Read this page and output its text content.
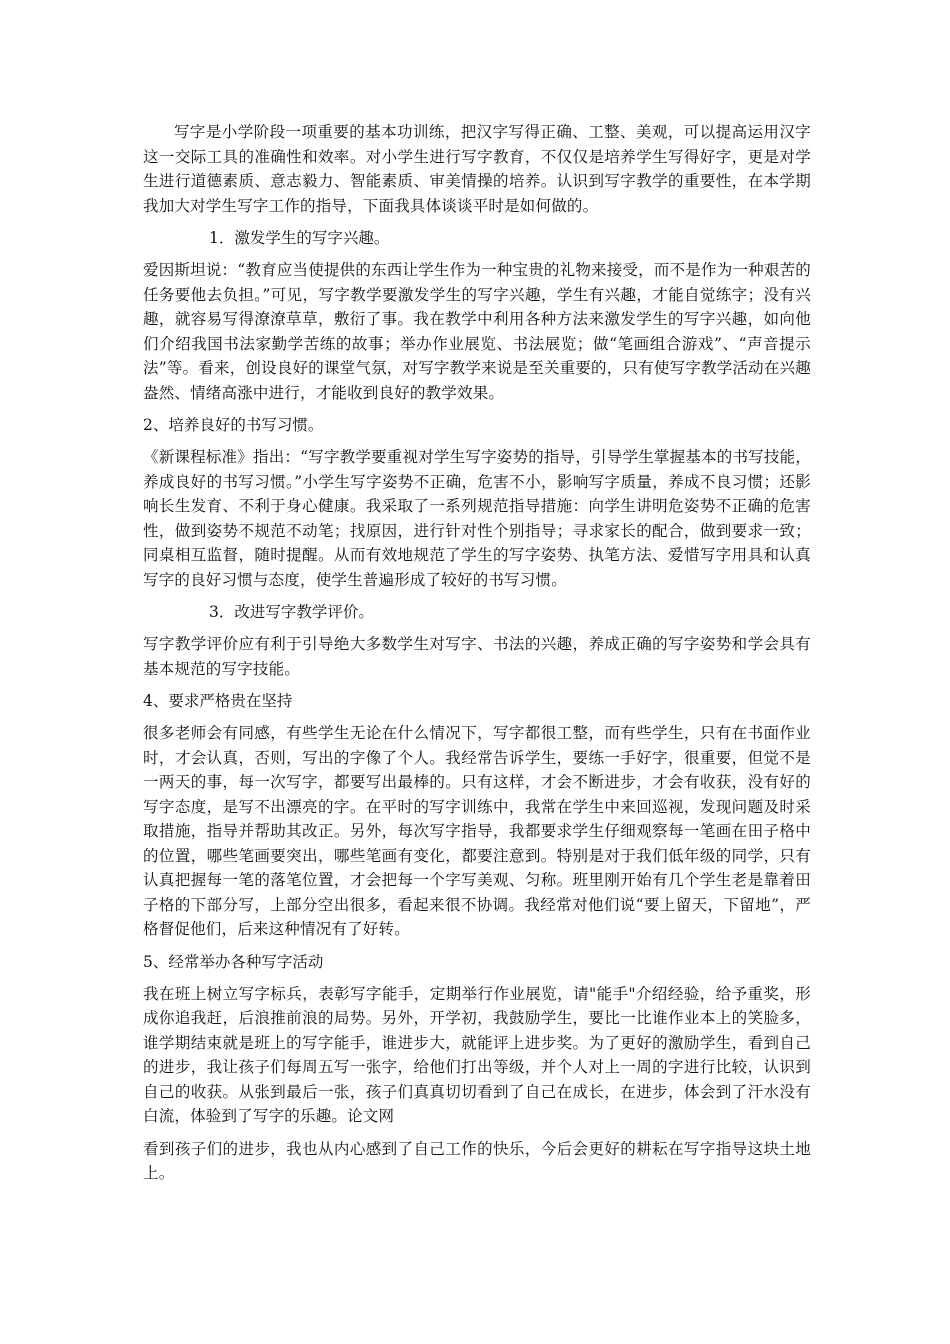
写字是小学阶段一项重要的基本功训练，把汉字写得正确、工整、美观，可以提高运用汉字这一交际工具的准确性和效率。对小学生进行写字教育，不仅仅是培养学生写得好字，更是对学生进行道德素质、意志毅力、智能素质、审美情操的培养。认识到写字教学的重要性，在本学期我加大对学生写字工作的指导，下面我具体谈谈平时是如何做的。

1．激发学生的写字兴趣。

爱因斯坦说：“教育应当使提供的东西让学生作为一种宝贵的礼物来接受，而不是作为一种艰苦的任务要他去负担。”可见，写字教学要激发学生的写字兴趣，学生有兴趣，才能自觉练字；没有兴趣，就容易写得潦潦草草，敷衍了事。我在教学中利用各种方法来激发学生的写字兴趣，如向他们介绍我国书法家勤学苦练的故事；举办作业展览、书法展览；做“笔画组合游戏”、“声音提示法”等。看来，创设良好的课堂气氛，对写字教学来说是至关重要的，只有使写字教学活动在兴趣盎然、情绪高涨中进行，才能收到良好的教学效果。

2、培养良好的书写习惯。

《新课程标准》指出：“写字教学要重视对学生写字姿势的指导，引导学生掌握基本的书写技能，养成良好的书写习惯。”小学生写字姿势不正确，危害不小，影响写字质量，养成不良习惯；还影响长生发育、不利于身心健康。我采取了一系列规范指导措施：向学生讲明危姿势不正确的危害性，做到姿势不规范不动笔；找原因，进行针对性个别指导；寻求家长的配合，做到要求一致；同桌相互监督，随时提醒。从而有效地规范了学生的写字姿势、执笔方法、爱惜写字用具和认真写字的良好习惯与态度，使学生普遍形成了较好的书写习惯。

3．改进写字教学评价。

写字教学评价应有利于引导绝大多数学生对写字、书法的兴趣，养成正确的写字姿势和学会具有基本规范的写字技能。

4、要求严格贵在坚持

很多老师会有同感，有些学生无论在什么情况下，写字都很工整，而有些学生，只有在书面作业时，才会认真，否则，写出的字像了个人。我经常告诉学生，要练一手好字，很重要，但觉不是一两天的事，每一次写字，都要写出最棒的。只有这样，才会不断进步，才会有收获，没有好的写字态度，是写不出漂亮的字。在平时的写字训练中，我常在学生中来回巡视，发现问题及时采取措施，指导并帮助其改正。另外，每次写字指导，我都要求学生仔细观察每一笔画在田子格中的位置，哪些笔画要突出，哪些笔画有变化，都要注意到。特别是对于我们低年级的同学，只有认真把握每一笔的落笔位置，才会把每一个字写美观、匀称。班里刚开始有几个学生老是靠着田子格的下部分写，上部分空出很多，看起来很不协调。我经常对他们说“要上留天，下留地”，严格督促他们，后来这种情况有了好转。

5、经常举办各种写字活动

我在班上树立写字标兵，表彰写字能手，定期举行作业展览，请"能手"介绍经验，给予重奖，形成你追我赶，后浪推前浪的局势。另外，开学初，我鼓励学生，要比一比谁作业本上的笑脸多，谁学期结束就是班上的写字能手，谁进步大，就能评上进步奖。为了更好的激励学生，看到自己的进步，我让孩子们每周五写一张字，给他们打出等级，并个人对上一周的字进行比较，认识到自己的收获。从张到最后一张，孩子们真真切切看到了自己在成长，在进步，体会到了汗水没有白流，体验到了写字的乐趣。论文网

看到孩子们的进步，我也从内心感到了自己工作的快乐，今后会更好的耕耘在写字指导这块土地上。
